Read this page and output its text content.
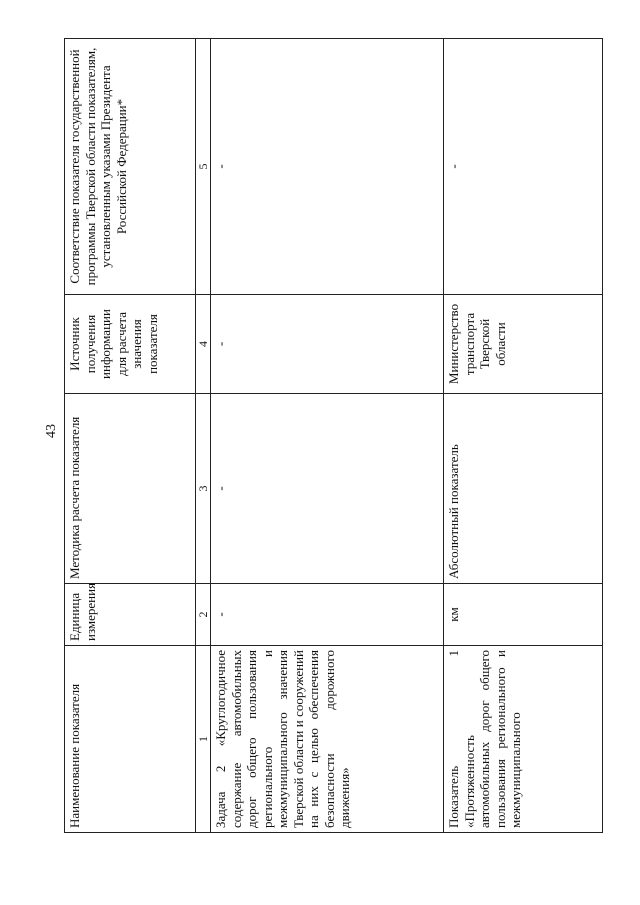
43
Наименование показателя	Единица измерения	Методика расчета показателя	Источник получения информации для расчета значения показателя	Соответствие показателя государственной программы Тверской области показателям, установленным указами Президента Российской Федерации*
1	2	3	4	5
Задача 2 «Круглогодичное содержание автомобильных дорог общего пользования регионального и межмуниципального значения Тверской области и сооружений на них с целью обеспечения безопасности дорожного движения»	-	-	-	-

Показатель
1
«Протяженность автомобильных дорог общего пользования регионального и межмуниципального	км	Абсолютный показатель	Министерство транспорта Тверской области	-
